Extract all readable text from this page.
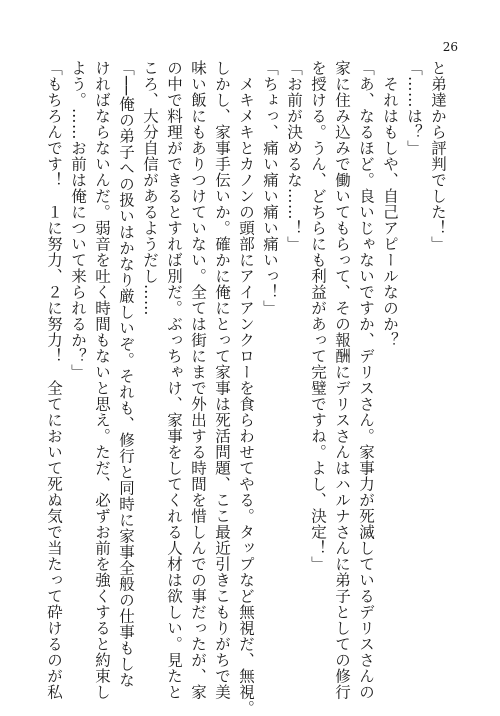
26
と弟達から評判でした！」
「……は？」
　それはもしや、自己アピールなのか？
「あ、なるほど。良いじゃないですか、デリスさん。家事力が死滅しているデリスさんの
家に住み込みで働いてもらって、その報酬にデリスさんはハルナさんに弟子としての修行
を授ける。うん、どちらにも利益があって完璧ですね。よし、決定！」
「お前が決めるな……！」
「ちょっ、痛い痛い痛い痛いっ！」
　メキメキとカノンの頭部にアイアンクローを食らわせてやる。タップなど無視だ、無視。
しかし、家事手伝いか。確かに俺にとって家事は死活問題、ここ最近引きこもりがちで美
味い飯にもありつけていない。全ては街にまで外出する時間を惜しんでの事だったが、家
の中で料理ができるとすれば別だ。ぶっちゃけ、家事をしてくれる人材は欲しい。見たと
ころ、大分自信があるようだし……
「──俺の弟子への扱いはかなり厳しいぞ。それも、修行と同時に家事全般の仕事もしな
ければならないんだ。弱音を吐く時間もないと思え。ただ、必ずお前を強くすると約束し
よう。……お前は俺について来られるか？」
「もちろんです！　１に努力、２に努力！　全てにおいて死ぬ気で当たって砕けるのが私
